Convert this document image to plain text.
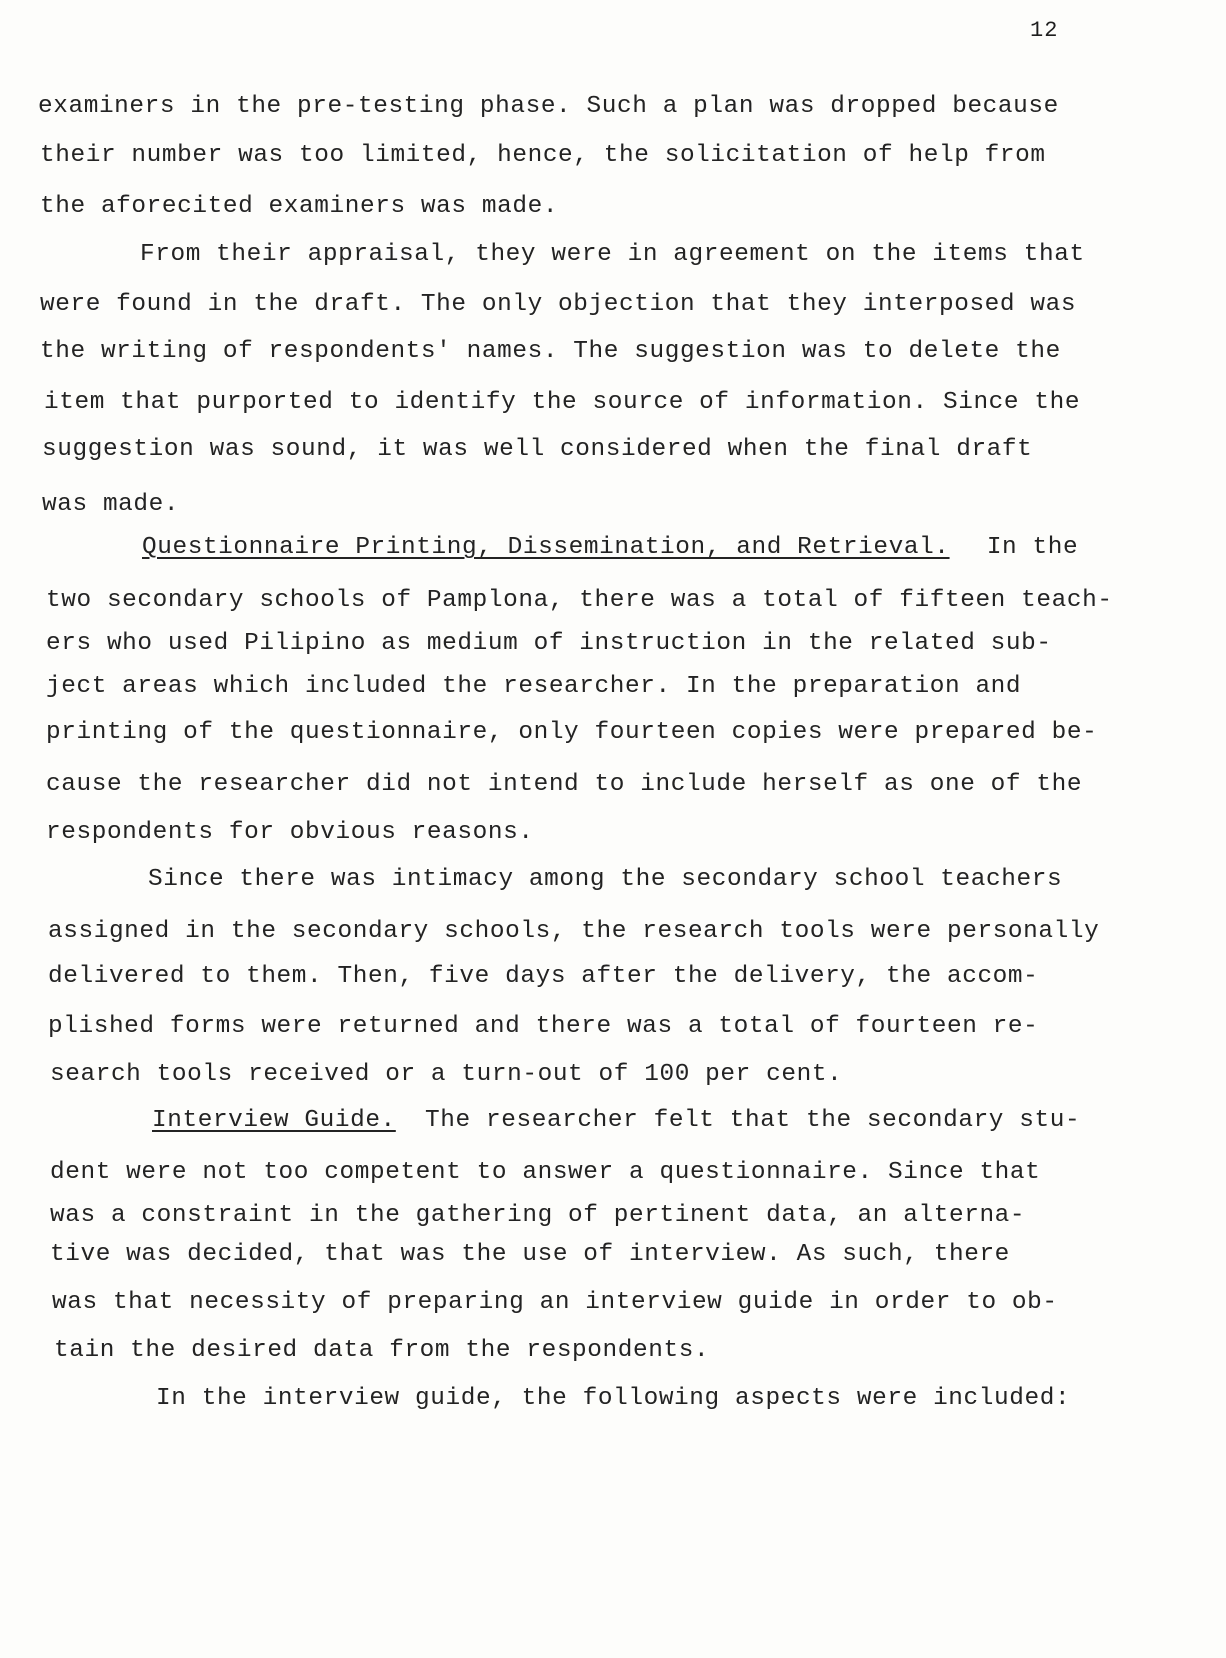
12
examiners in the pre-testing phase. Such a plan was dropped because
their number was too limited, hence, the solicitation of help from
the aforecited examiners was made.
From their appraisal, they were in agreement on the items that
were found in the draft. The only objection that they interposed was
the writing of respondents' names. The suggestion was to delete the
item that purported to identify the source of information. Since the
suggestion was sound, it was well considered when the final draft
was made.
Questionnaire Printing, Dissemination, and Retrieval. In the
two secondary schools of Pamplona, there was a total of fifteen teach-
ers who used Pilipino as medium of instruction in the related sub-
ject areas which included the researcher. In the preparation and
printing of the questionnaire, only fourteen copies were prepared be-
cause the researcher did not intend to include herself as one of the
respondents for obvious reasons.
Since there was intimacy among the secondary school teachers
assigned in the secondary schools, the research tools were personally
delivered to them. Then, five days after the delivery, the accom-
plished forms were returned and there was a total of fourteen re-
search tools received or a turn-out of 100 per cent.
Interview Guide. The researcher felt that the secondary stu-
dent were not too competent to answer a questionnaire. Since that
was a constraint in the gathering of pertinent data, an alterna-
tive was decided, that was the use of interview. As such, there
was that necessity of preparing an interview guide in order to ob-
tain the desired data from the respondents.
In the interview guide, the following aspects were included:
